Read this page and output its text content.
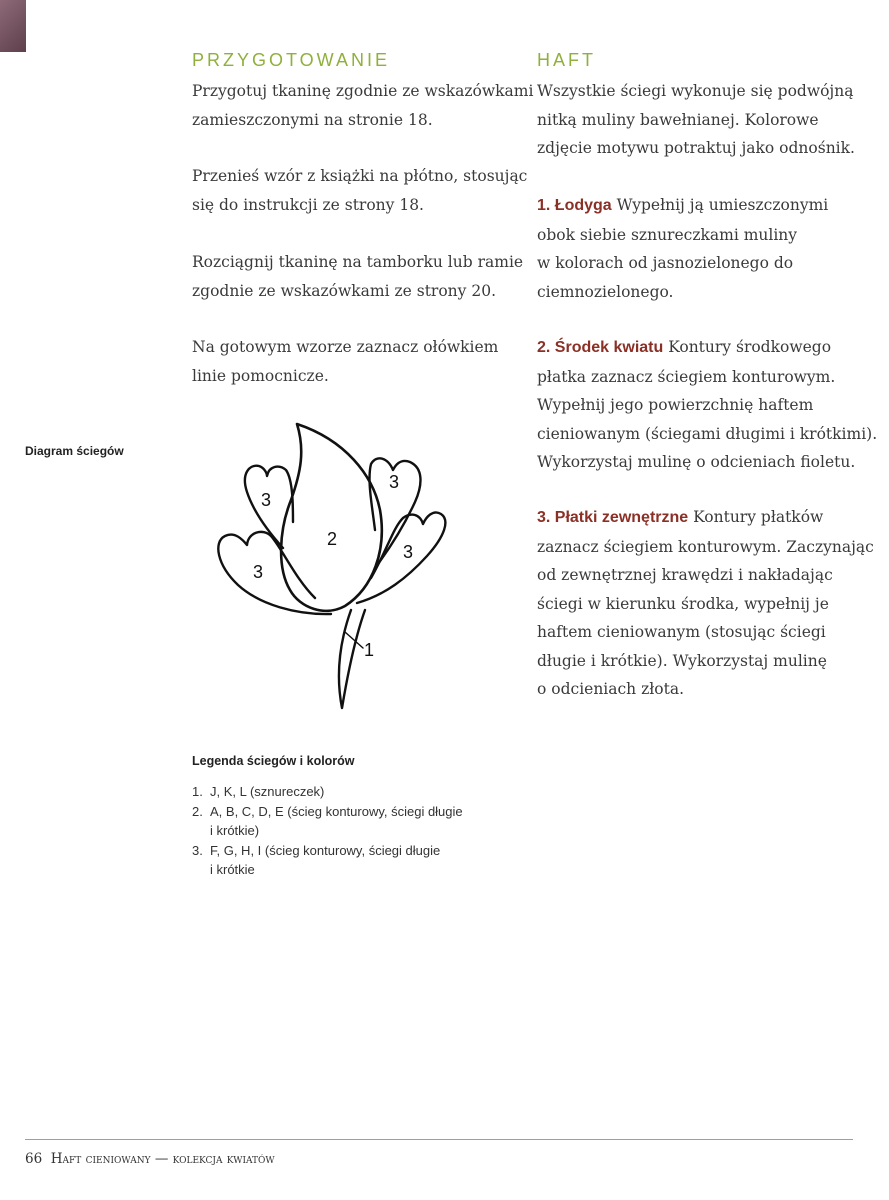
PRZYGOTOWANIE

Przygotuj tkaninę zgodnie ze wskazówkami
zamieszczonymi na stronie 18.

Przenieś wzór z książki na płótno, stosując
się do instrukcji ze strony 18.

Rozciągnij tkaninę na tamborku lub ramie
zgodnie ze wskazówkami ze strony 20.

Na gotowym wzorze zaznacz ołówkiem
linie pomocnicze.

HAFT

Wszystkie ściegi wykonuje się podwójną
nitką muliny bawełnianej. Kolorowe
zdjęcie motywu potraktuj jako odnośnik.

1. Łodyga Wypełnij ją umieszczonymi
obok siebie sznureczkami muliny
w kolorach od jasnozielonego do
ciemnozielonego.

2. Środek kwiatu Kontury środkowego
płatka zaznacz ściegiem konturowym.
Wypełnij jego powierzchnię haftem
cieniowanym (ściegami długimi i krótkimi).
Wykorzystaj mulinę o odcieniach fioletu.

3. Płatki zewnętrzne Kontury płatków
zaznacz ściegiem konturowym. Zaczynając
od zewnętrznej krawędzi i nakładając
ściegi w kierunku środka, wypełnij je
haftem cieniowanym (stosując ściegi
długie i krótkie). Wykorzystaj mulinę
o odcieniach złota.

Diagram ściegów
1
2
3
3
3
3
Legenda ściegów i kolorów
1. J, K, L (sznureczek)
2. A, B, C, D, E (ścieg konturowy, ściegi długie
i krótkie)
3. F, G, H, I (ścieg konturowy, ściegi długie
i krótkie
66 Haft cieniowany — kolekcja kwiatów
